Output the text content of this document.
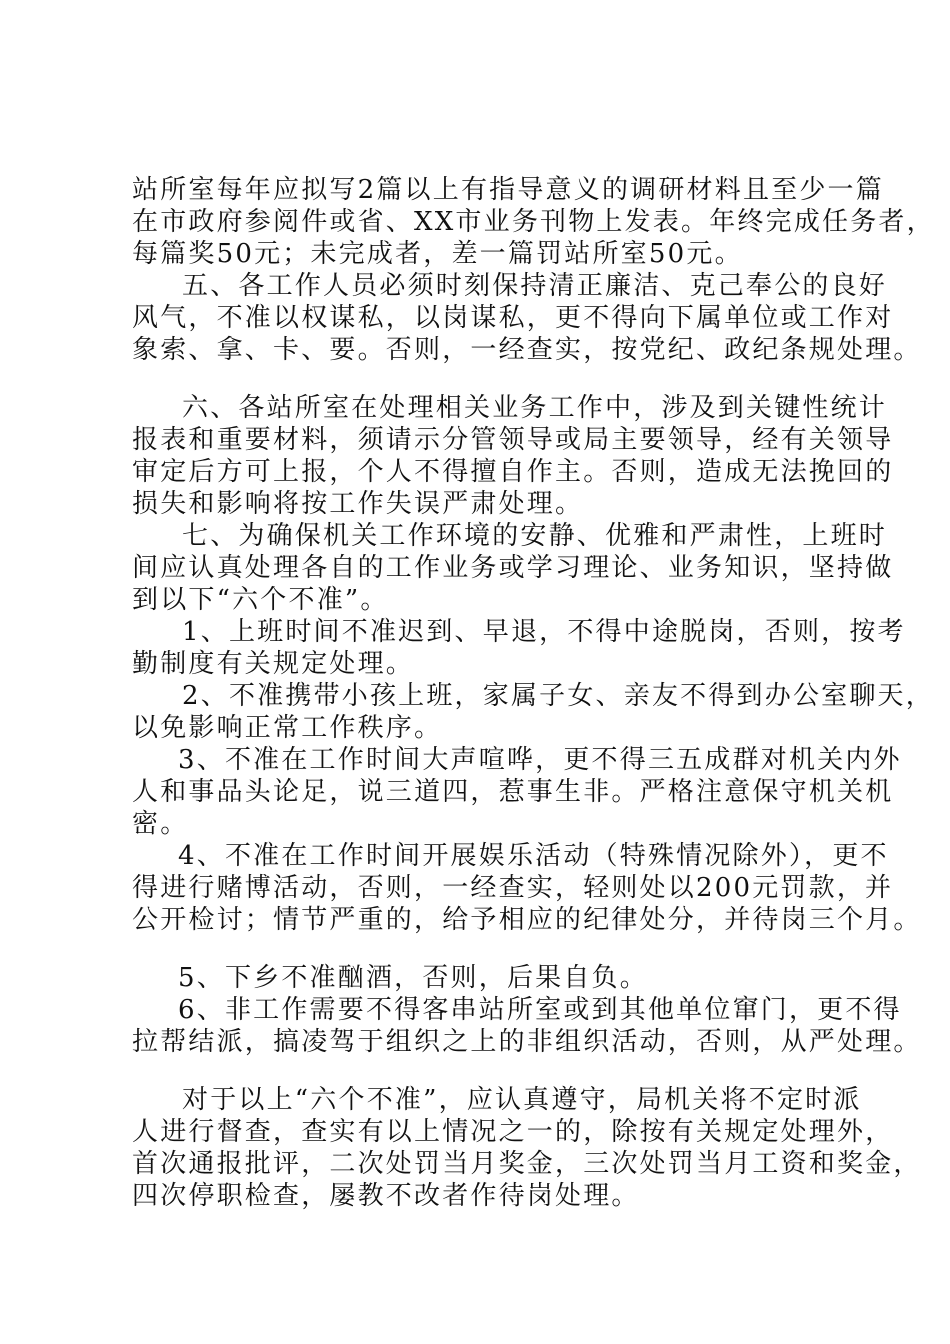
站所室每年应拟写2篇以上有指导意义的调研材料且至少一篇
在市政府参阅件或省、XX市业务刊物上发表。年终完成任务者，
每篇奖50元；未完成者，差一篇罚站所室50元。
五、各工作人员必须时刻保持清正廉洁、克己奉公的良好
风气，不准以权谋私，以岗谋私，更不得向下属单位或工作对
象索、拿、卡、要。否则，一经查实，按党纪、政纪条规处理。
六、各站所室在处理相关业务工作中，涉及到关键性统计
报表和重要材料，须请示分管领导或局主要领导，经有关领导
审定后方可上报，个人不得擅自作主。否则，造成无法挽回的
损失和影响将按工作失误严肃处理。
七、为确保机关工作环境的安静、优雅和严肃性，上班时
间应认真处理各自的工作业务或学习理论、业务知识，坚持做
到以下“六个不准”。
1、上班时间不准迟到、早退，不得中途脱岗，否则，按考
勤制度有关规定处理。
2、不准携带小孩上班，家属子女、亲友不得到办公室聊天，
以免影响正常工作秩序。
3、不准在工作时间大声喧哗，更不得三五成群对机关内外
人和事品头论足，说三道四，惹事生非。严格注意保守机关机
密。
4、不准在工作时间开展娱乐活动（特殊情况除外），更不
得进行赌博活动，否则，一经查实，轻则处以200元罚款，并
公开检讨；情节严重的，给予相应的纪律处分，并待岗三个月。
5、下乡不准酗酒，否则，后果自负。
6、非工作需要不得客串站所室或到其他单位窜门，更不得
拉帮结派，搞凌驾于组织之上的非组织活动，否则，从严处理。
对于以上“六个不准”，应认真遵守，局机关将不定时派
人进行督查，查实有以上情况之一的，除按有关规定处理外，
首次通报批评，二次处罚当月奖金，三次处罚当月工资和奖金，
四次停职检查，屡教不改者作待岗处理。
